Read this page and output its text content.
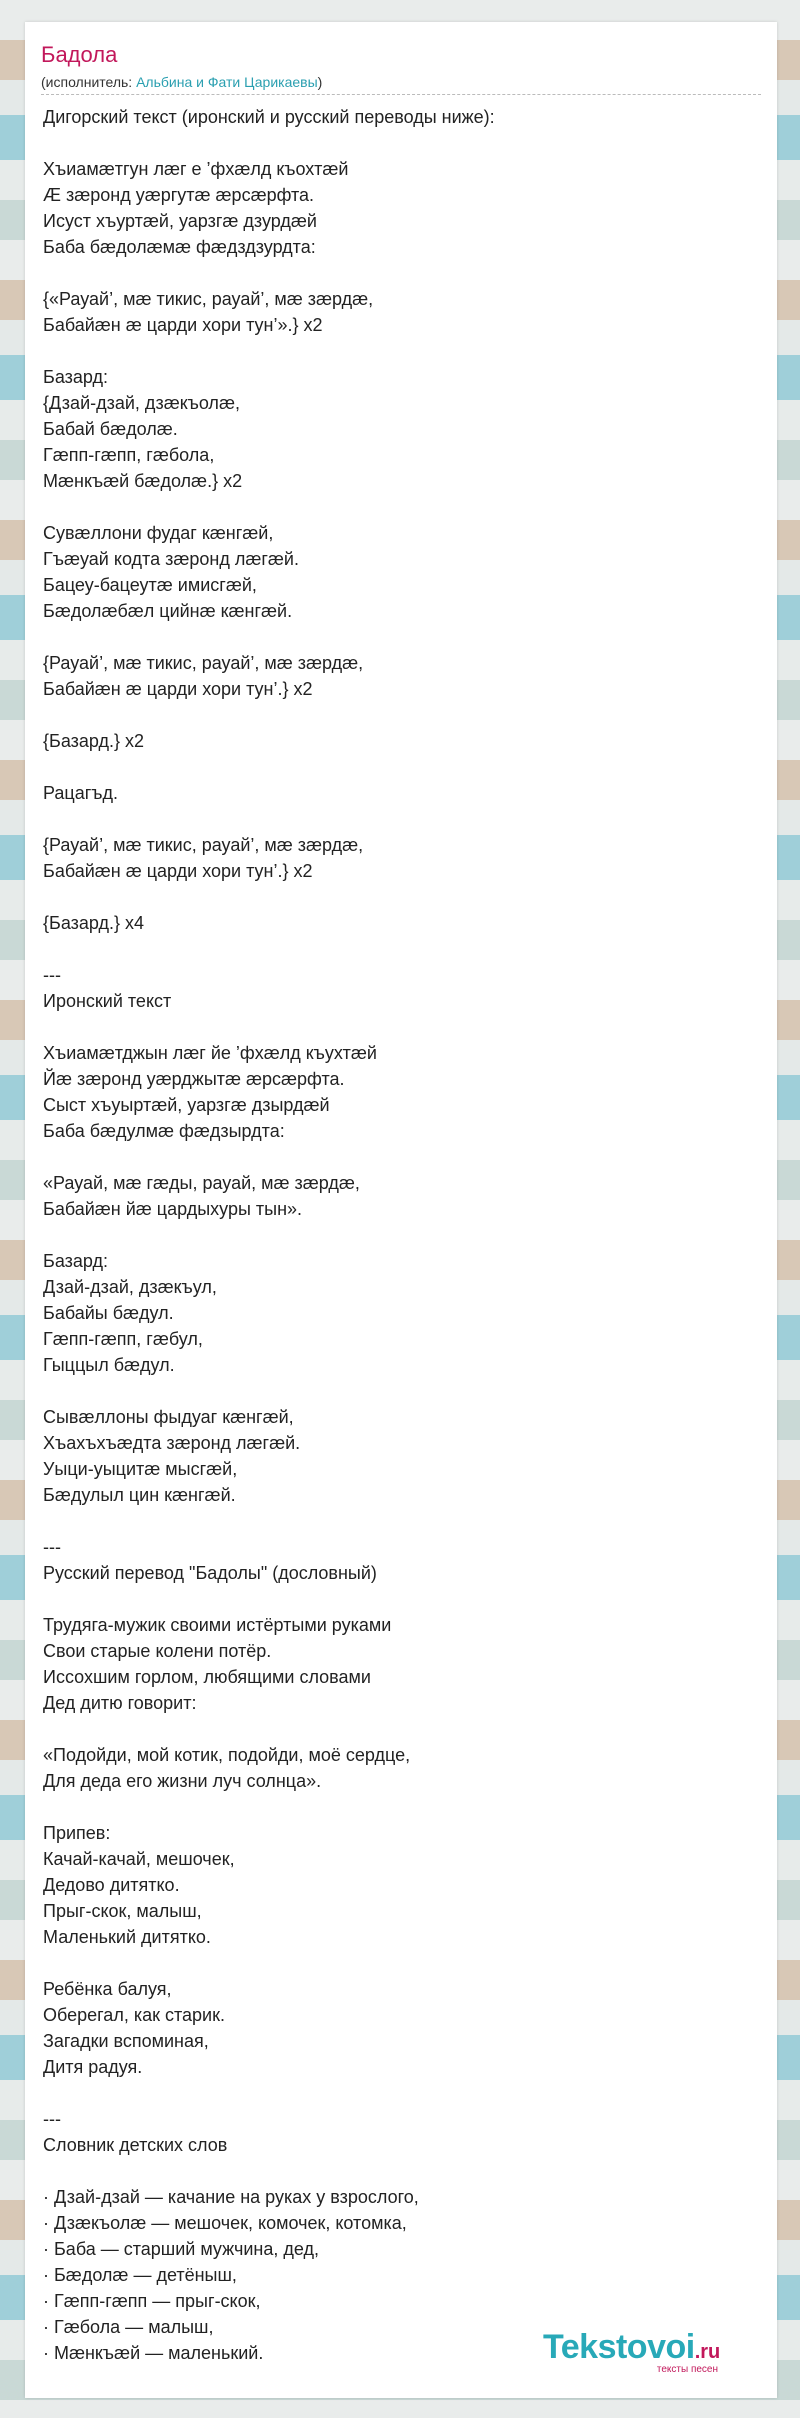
Бадола
(исполнитель: Альбина и Фати Царикаевы)
Дигорский текст (иронский и русский переводы ниже):

Хъиамæтгун лæг е ’фхæлд къохтæй
Æ зæронд уæргутæ æрсæрфта.
Исуст хъуртæй, уарзгæ дзурдæй
Баба бæдолæмæ фæдздзурдта:

{«Рауай’, мæ тикис, рауай’, мæ зæрдæ,
Бабайæн æ царди хори тун’».} x2

Базард:
{Дзай-дзай, дзæкъолæ,
Бабай бæдолæ.
Гæпп-гæпп, гæбола,
Мæнкъæй бæдолæ.} x2

Сувæллони фудаг кæнгæй,
Гъæуай кодта зæронд лæгæй.
Бацеу-бацеутæ имисгæй,
Бæдолæбæл цийнæ кæнгæй.

{Рауай’, мæ тикис, рауай’, мæ зæрдæ,
Бабайæн æ царди хори тун’.} x2

{Базард.} x2

Рацагъд.

{Рауай’, мæ тикис, рауай’, мæ зæрдæ,
Бабайæн æ царди хори тун’.} x2

{Базард.} x4

---
Иронский текст

Хъиамæтджын лæг йе ’фхæлд къухтæй
Йæ зæронд уæрджытæ æрсæрфта.
Сыст хъуыртæй, уарзгæ дзырдæй
Баба бæдулмæ фæдзырдта:

«Рауай, мæ гæды, рауай, мæ зæрдæ,
Бабайæн йæ цардыхуры тын».

Базард:
Дзай-дзай, дзæкъул,
Бабайы бæдул.
Гæпп-гæпп, гæбул,
Гыццыл бæдул.

Сывæллоны фыдуаг кæнгæй,
Хъахъхъæдта зæронд лæгæй.
Уыци-уыцитæ мысгæй,
Бæдулыл цин кæнгæй.

---
Русский перевод "Бадолы" (дословный)

Трудяга-мужик своими истёртыми руками
Свои старые колени потёр.
Иссохшим горлом, любящими словами
Дед дитю говорит:

«Подойди, мой котик, подойди, моё сердце,
Для деда его жизни луч солнца».

Припев:
Качай-качай, мешочек,
Дедово дитятко.
Прыг-скок, малыш,
Маленький дитятко.

Ребёнка балуя,
Оберегал, как старик.
Загадки вспоминая,
Дитя радуя.

---
Словник детских слов

· Дзай-дзай — качание на руках у взрослого,
· Дзæкъолæ — мешочек, комочек, котомка,
· Баба — старший мужчина, дед,
· Бæдолæ — детёныш,
· Гæпп-гæпп — прыг-скок,
· Гæбола — малыш,
· Мæнкъæй — маленький.	Tekstovoi.ru
тексты песен
